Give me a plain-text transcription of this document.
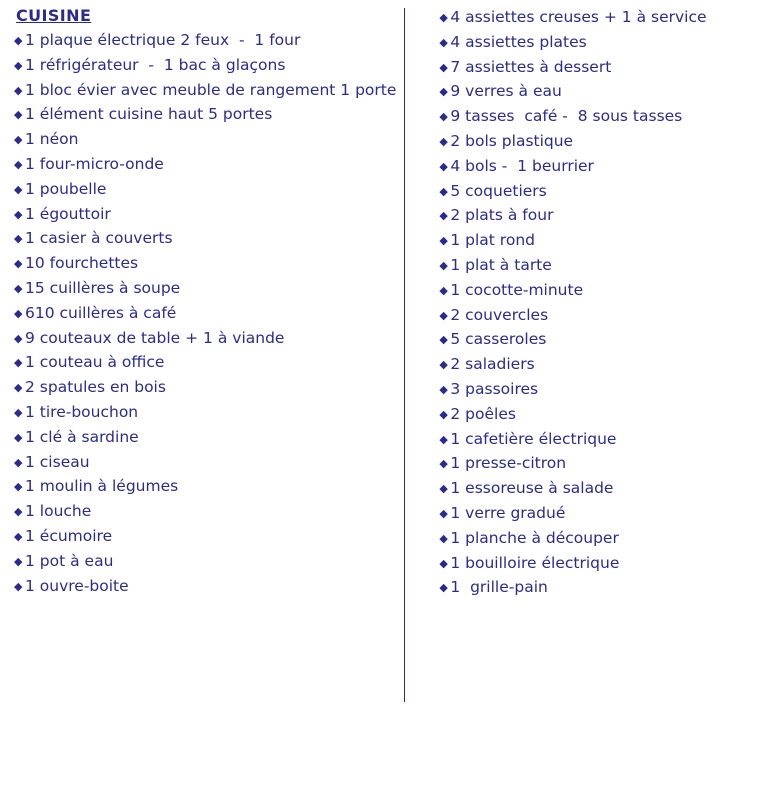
CUISINE
◆ 1 plaque électrique 2 feux  -  1 four
◆ 1 réfrigérateur  -  1 bac à glaçons
◆ 1 bloc évier avec meuble de rangement 1 porte
◆ 1 élément cuisine haut 5 portes
◆ 1 néon
◆ 1 four-micro-onde
◆ 1 poubelle
◆ 1 égouttoir
◆ 1 casier à couverts
◆ 10 fourchettes
◆ 15 cuillères à soupe
◆ 610 cuillères à café
◆ 9 couteaux de table + 1 à viande
◆ 1 couteau à office
◆ 2 spatules en bois
◆ 1 tire-bouchon
◆ 1 clé à sardine
◆ 1 ciseau
◆ 1 moulin à légumes
◆ 1 louche
◆ 1 écumoire
◆ 1 pot à eau
◆ 1 ouvre-boite
◆ 4 assiettes creuses + 1 à service
◆ 4 assiettes plates
◆ 7 assiettes à dessert
◆ 9 verres à eau
◆ 9 tasses  café -  8 sous tasses
◆ 2 bols plastique
◆ 4 bols -  1 beurrier
◆ 5 coquetiers
◆ 2 plats à four
◆ 1 plat rond
◆ 1 plat à tarte
◆ 1 cocotte-minute
◆ 2 couvercles
◆ 5 casseroles
◆ 2 saladiers
◆ 3 passoires
◆ 2 poêles
◆ 1 cafetière électrique
◆ 1 presse-citron
◆ 1 essoreuse à salade
◆ 1 verre gradué
◆ 1 planche à découper
◆ 1 bouilloire électrique
◆ 1  grille-pain
